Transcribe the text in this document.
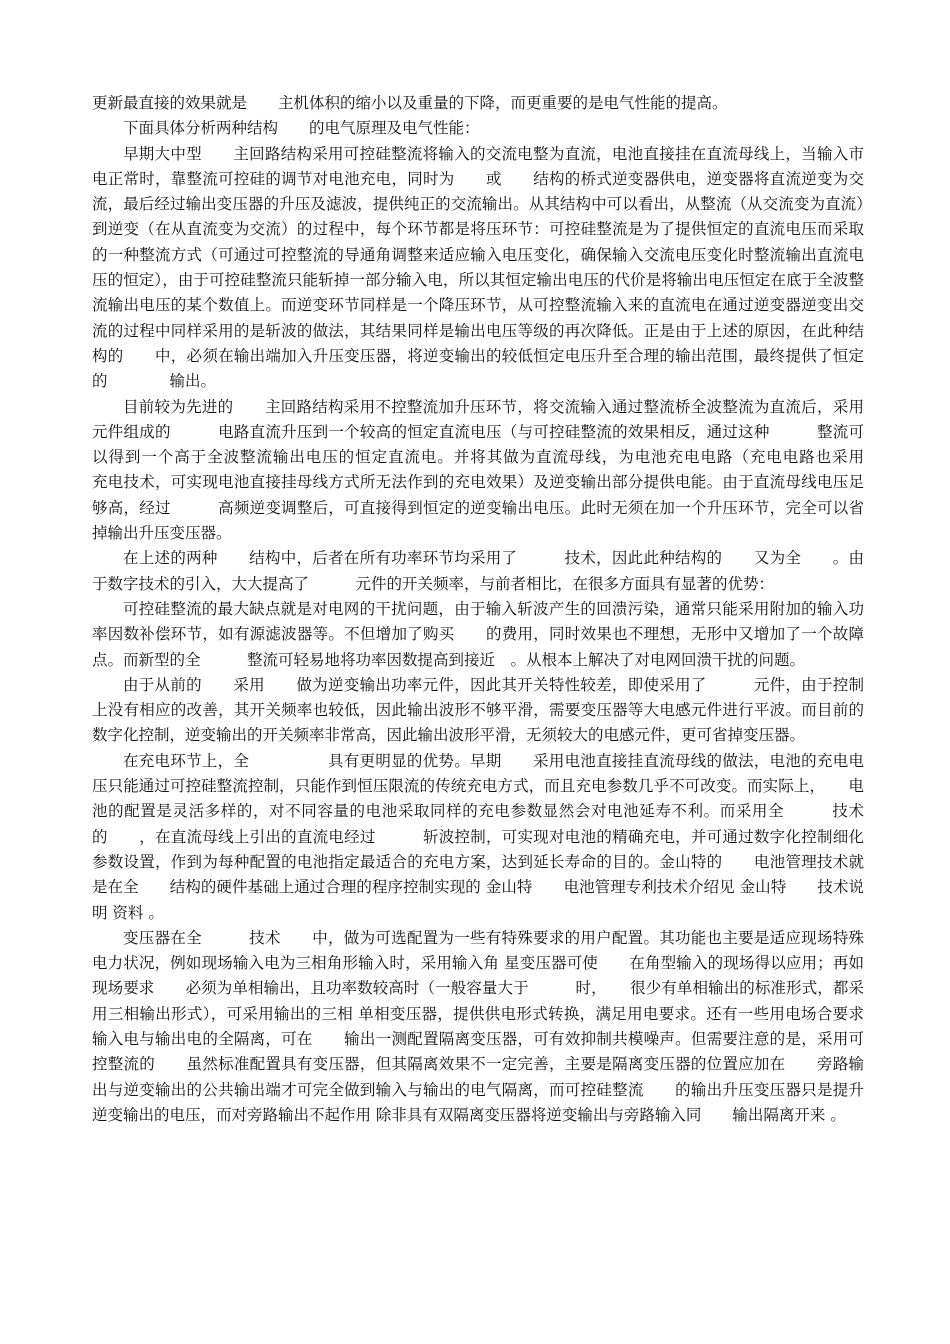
更新最直接的效果就是　　主机体积的缩小以及重量的下降，而更重要的是电气性能的提高。

下面具体分析两种结构　　的电气原理及电气性能：

早期大中型　　主回路结构采用可控硅整流将输入的交流电整为直流，电池直接挂在直流母线上，当输入市电正常时，靠整流可控硅的调节对电池充电，同时为　　或　　结构的桥式逆变器供电，逆变器将直流逆变为交流，最后经过输出变压器的升压及滤波，提供纯正的交流输出。从其结构中可以看出，从整流（从交流变为直流）到逆变（在从直流变为交流）的过程中，每个环节都是将压环节：可控硅整流是为了提供恒定的直流电压而采取的一种整流方式（可通过可控整流的导通角调整来适应输入电压变化，确保输入交流电压变化时整流输出直流电压的恒定），由于可控硅整流只能斩掉一部分输入电，所以其恒定输出电压的代价是将输出电压恒定在底于全波整流输出电压的某个数值上。而逆变环节同样是一个降压环节，从可控整流输入来的直流电在通过逆变器逆变出交流的过程中同样采用的是斩波的做法，其结果同样是输出电压等级的再次降低。正是由于上述的原因，在此种结构的　　中，必须在输出端加入升压变压器，将逆变输出的较低恒定电压升至合理的输出范围，最终提供了恒定的　　　　输出。

目前较为先进的　　主回路结构采用不控整流加升压环节，将交流输入通过整流桥全波整流为直流后，采用　　元件组成的　　　电路直流升压到一个较高的恒定直流电压（与可控硅整流的效果相反，通过这种　　　整流可以得到一个高于全波整流输出电压的恒定直流电。并将其做为直流母线，为电池充电电路（充电电路也采用　　　充电技术，可实现电池直接挂母线方式所无法作到的充电效果）及逆变输出部分提供电能。由于直流母线电压足够高，经过　　　高频逆变调整后，可直接得到恒定的逆变输出电压。此时无须在加一个升压环节，完全可以省掉输出升压变压器。

在上述的两种　　结构中，后者在所有功率环节均采用了　　　技术，因此此种结构的　　又为全　　。由于数字技术的引入，大大提高了　　　元件的开关频率，与前者相比，在很多方面具有显著的优势：

可控硅整流的最大缺点就是对电网的干扰问题，由于输入斩波产生的回溃污染，通常只能采用附加的输入功率因数补偿环节，如有源滤波器等。不但增加了购买　　的费用，同时效果也不理想，无形中又增加了一个故障点。而新型的全　　　整流可轻易地将功率因数提高到接近　。从根本上解决了对电网回溃干扰的问题。

由于从前的　　采用　　做为逆变输出功率元件，因此其开关特性较差，即使采用了　　　元件，由于控制上没有相应的改善，其开关频率也较低，因此输出波形不够平滑，需要变压器等大电感元件进行平波。而目前的　　数字化控制，逆变输出的开关频率非常高，因此输出波形平滑，无须较大的电感元件，更可省掉变压器。

在充电环节上，全　　　　　具有更明显的优势。早期　　采用电池直接挂直流母线的做法，电池的充电电压只能通过可控硅整流控制，只能作到恒压限流的传统充电方式，而且充电参数几乎不可改变。而实际上，　　电池的配置是灵活多样的，对不同容量的电池采取同样的充电参数显然会对电池延寿不利。而采用全　　　技术的　　，在直流母线上引出的直流电经过　　　斩波控制，可实现对电池的精确充电，并可通过数字化控制细化参数设置，作到为每种配置的电池指定最适合的充电方案，达到延长寿命的目的。金山特的　　电池管理技术就是在全　　结构的硬件基础上通过合理的程序控制实现的 金山特　　电池管理专利技术介绍见 金山特　　技术说明 资料 。

变压器在全　　　技术　　中，做为可选配置为一些有特殊要求的用户配置。其功能也主要是适应现场特殊电力状况，例如现场输入电为三相角形输入时，采用输入角 星变压器可使　　在角型输入的现场得以应用；再如现场要求　　必须为单相输出，且功率数较高时（一般容量大于　　　时，　　很少有单相输出的标准形式，都采用三相输出形式），可采用输出的三相 单相变压器，提供供电形式转换，满足用电要求。还有一些用电场合要求输入电与输出电的全隔离，可在　　输出一测配置隔离变压器，可有效抑制共模噪声。但需要注意的是，采用可控整流的　　虽然标准配置具有变压器，但其隔离效果不一定完善，主要是隔离变压器的位置应加在　　旁路输出与逆变输出的公共输出端才可完全做到输入与输出的电气隔离，而可控硅整流　　的输出升压变压器只是提升逆变输出的电压，而对旁路输出不起作用 除非具有双隔离变压器将逆变输出与旁路输入同　　输出隔离开来 。
